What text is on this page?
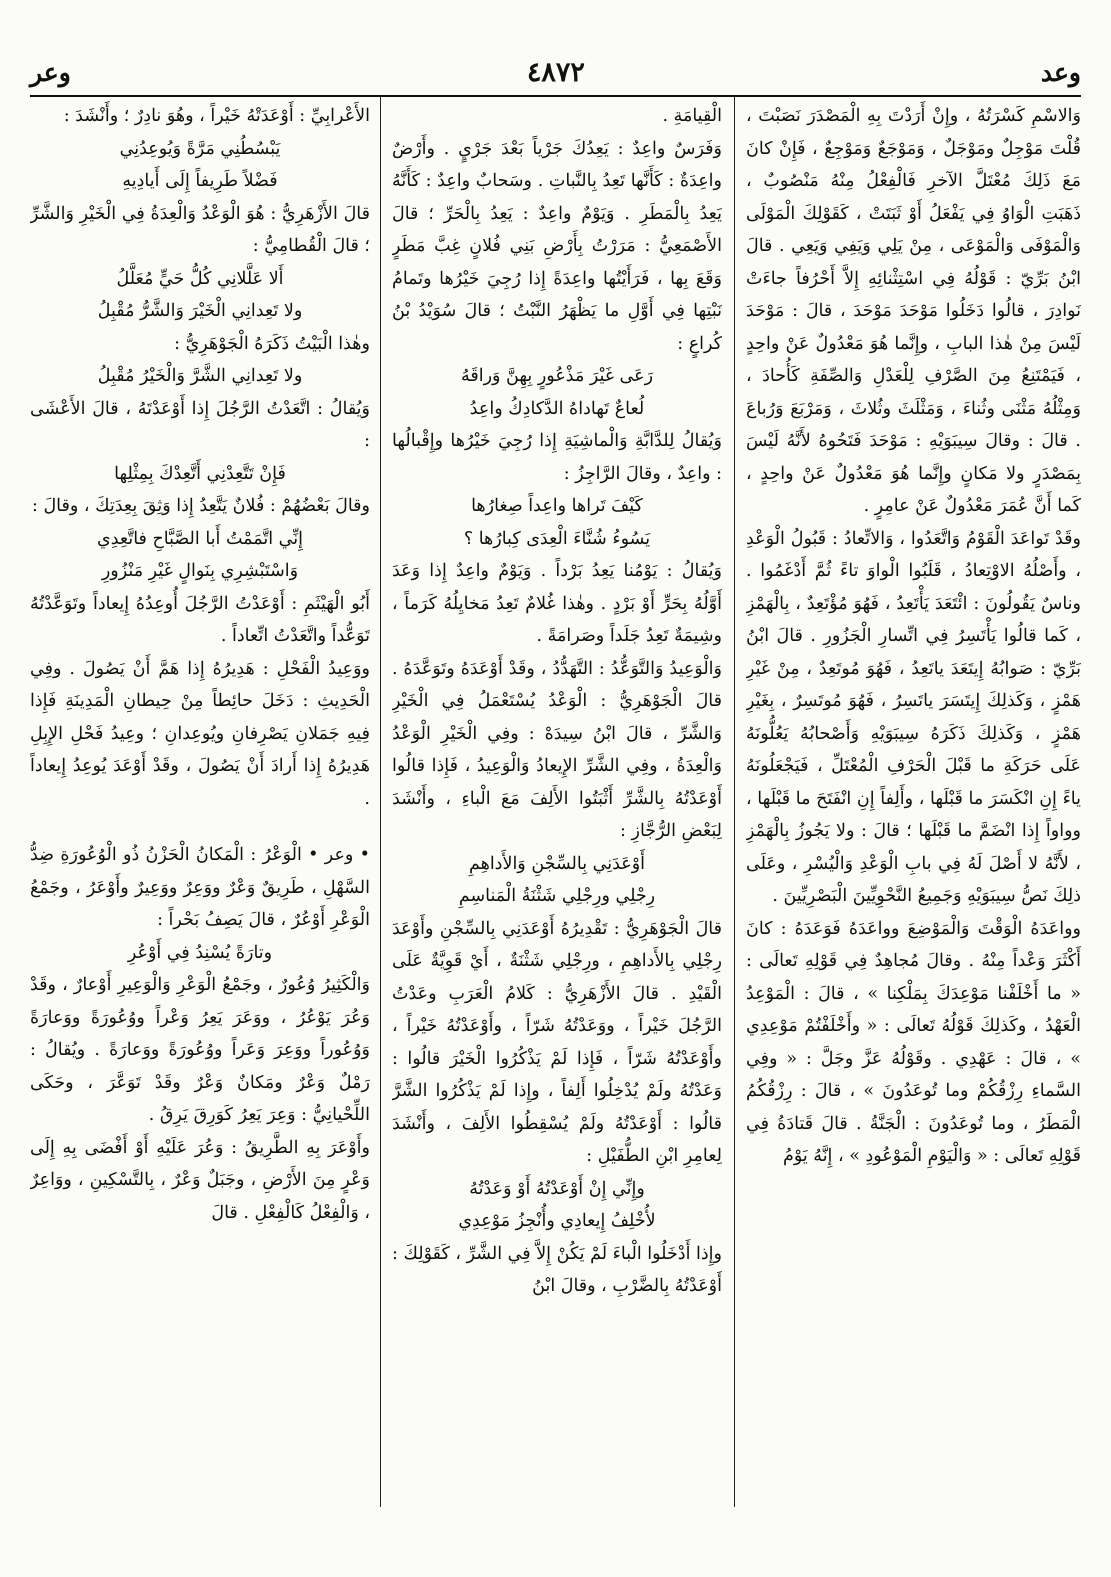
وعد
٤٨٧٢
وعر

وَالاسْمِ كَسْرَتُهُ ، وإِنْ أَرَدْتَ بِهِ الْمَصْدَرَ نَصَبْتَ ، قُلْتَ مَوْجِلٌ ومَوْجَلٌ ، وَمَوْجَعٌ وَمَوْجِعٌ ، فَإِنْ كانَ مَعَ ذَلِكَ مُعْتَلَّ الآخرِ فَالْفِعْلُ مِنْهُ مَنْصُوبٌ ، ذَهَبَتِ الْوَاوُ فِي يَفْعَلُ أَوْ ثَبَتَتْ ، كَقَوْلِكَ الْمَوْلَى وَالْمَوْفَى وَالْمَوْعَى ، مِنْ يَلِي وَيَفِي وَيَعِي . قالَ ابْنُ بَرِّيّ : قَوْلُهُ فِي اسْتِثْنائِهِ إِلاَّ أَحْرُفاً جاءَتْ نَوادِرَ ، قالُوا دَخَلُوا مَوْحَدَ مَوْحَدَ ، قالَ : مَوْحَدَ لَيْسَ مِنْ هٰذا البابِ ، وإِنَّما هُوَ مَعْدُولٌ عَنْ واحِدٍ ، فَيَمْتَنِعُ مِنَ الصَّرْفِ لِلْعَدْلِ وَالصِّفَةِ كَأُحادَ ، وَمِثْلُهُ مَثْنَى وثُناءَ ، وَمَثْلَثَ وثُلاثَ ، وَمَرْبَعَ وَرُباعَ . قالَ : وقالَ سِيبَوَيْهِ : مَوْحَدَ فَتَحُوهُ لأَنَّهُ لَيْسَ بِمَصْدَرٍ ولا مَكانٍ وإِنَّما هُوَ مَعْدُولٌ عَنْ واحِدٍ ، كَما أَنَّ عُمَرَ مَعْدُولٌ عَنْ عامِرٍ .

وقَدْ تَواعَدَ الْقَوْمُ وَاتَّعَدُوا ، وَالاتِّعادُ : قَبُولُ الْوَعْدِ ، وأَصْلُهُ الاوْتِعادُ ، قَلَبُوا الْواوَ تاءً ثُمَّ أَدْغَمُوا . وناسٌ يَقُولُونَ : ائْتَعَدَ يَأْتَعِدُ ، فَهُوَ مُؤْتَعِدٌ ، بِالْهَمْزِ ، كَما قالُوا يَأْتَسِرُ فِي اتِّسارِ الْجَزُورِ . قالَ ابْنُ بَرِّيّ : صَوابُهُ إِيتَعَدَ ياتَعِدُ ، فَهُوَ مُوتَعِدٌ ، مِنْ غَيْرِ هَمْزٍ ، وَكَذلِكَ إِيتَسَرَ ياتَسِرُ ، فَهُوَ مُوتَسِرٌ ، بِغَيْرِ هَمْزٍ ، وَكَذلِكَ ذَكَرَهُ سِيبَوَيْهِ وَأَصْحابُهُ يَعُلُّونَهُ عَلَى حَرَكَةِ ما قَبْلَ الْحَرْفِ الْمُعْتَلِّ ، فَيَجْعَلُونَهُ ياءً إِنِ انْكَسَرَ ما قَبْلَها ، وأَلِفاً إِنِ انْفَتَحَ ما قَبْلَها ، وواواً إِذا انْضَمَّ ما قَبْلَها ؛ قالَ : ولا يَجُوزُ بِالْهَمْزِ ، لأَنَّهُ لا أَصْلَ لَهُ فِي بابِ الْوَعْدِ وَالْيُسْرِ ، وعَلَى ذلِكَ نَصُّ سِيبَوَيْهِ وَجَمِيعُ النَّحْوِيِّينَ الْبَصْرِيِّينَ .

وواعَدَهُ الْوَقْتَ وَالْمَوْضِعَ وواعَدَهُ فَوَعَدَهُ : كانَ أَكْثَرَ وَعْداً مِنْهُ . وقالَ مُجاهِدٌ فِي قَوْلِهِ تَعالَى : « ما أَخْلَفْنا مَوْعِدَكَ بِمَلْكِنا » ، قالَ : الْمَوْعِدُ الْعَهْدُ ، وكَذلِكَ قَوْلُهُ تَعالَى : « وأَخْلَفْتُمْ مَوْعِدِي » ، قالَ : عَهْدِي . وقَوْلُهُ عَزَّ وجَلَّ : « وفِي السَّماءِ رِزْقُكُمْ وما تُوعَدُونَ » ، قالَ : رِزْقُكُمُ الْمَطَرُ ، وما تُوعَدُونَ : الْجَنَّةُ . قالَ قَتادَةُ فِي قَوْلِهِ تَعالَى : « وَالْيَوْمِ الْمَوْعُودِ » ، إِنَّهُ يَوْمُ

الْقِيامَةِ .

وَفَرَسٌ واعِدٌ : يَعِدُكَ جَرْياً بَعْدَ جَرْيٍ . وأَرْضٌ واعِدَةٌ : كَأَنَّها تَعِدُ بِالنَّباتِ . وسَحابٌ واعِدٌ : كَأَنَّهُ يَعِدُ بِالْمَطَرِ . وَيَوْمٌ واعِدٌ : يَعِدُ بِالْحَرِّ ؛ قالَ الأَصْمَعِيُّ : مَرَرْتُ بِأَرْضِ بَنِي فُلانٍ غِبَّ مَطَرٍ وَقَعَ بِها ، فَرَأَيْتُها واعِدَةً إِذا رُجِيَ خَيْرُها وتَمامُ نَبْتِها فِي أَوَّلِ ما يَظْهَرُ النَّبْتُ ؛ قالَ سُوَيْدُ بْنُ كُراعٍ :

رَعَى غَيْرَ مَذْعُورٍ بِهِنَّ وَراقَهُ

لُعاعٌ تَهاداهُ الدَّكادِكُ واعِدُ

وَيُقالُ لِلدَّابَّةِ وَالْماشِيَةِ إِذا رُجِيَ خَيْرُها وإِقْبالُها : واعِدٌ ، وقالَ الرَّاجِزُ :

كَيْفَ تَراها واعِداً صِغارُها

يَسُوءُ شُنَّاءَ الْعِدَى كِبارُها ؟

وَيُقالُ : يَوْمُنا يَعِدُ بَرْداً . وَيَوْمٌ واعِدٌ إِذا وَعَدَ أَوَّلُهُ بِحَرٍّ أَوْ بَرْدٍ . وهٰذا غُلامٌ تَعِدُ مَخايِلُهُ كَرَماً ، وشِيمَةٌ تَعِدُ جَلَداً وصَرامَةً .

وَالْوَعِيدُ وَالتَّوَعُّدُ : التَّهَدُّدُ ، وقَدْ أَوْعَدَهُ وتَوَعَّدَهُ . قالَ الْجَوْهَرِيُّ : الْوَعْدُ يُسْتَعْمَلُ فِي الْخَيْرِ وَالشَّرِّ ، قالَ ابْنُ سِيدَهْ : وفِي الْخَيْرِ الْوَعْدُ وَالْعِدَةُ ، وفِي الشَّرِّ الإِيعادُ وَالْوَعِيدُ ، فَإِذا قالُوا أَوْعَدْتُهُ بِالشَّرِّ أَثْبَتُوا الأَلِفَ مَعَ الْباءِ ، وأَنْشَدَ لِبَعْضِ الرُّجَّازِ :

أَوْعَدَنِي بِالسِّجْنِ وَالأَداهِمِ

رِجْلِي ورِجْلِي شَثْنَةُ الْمَناسِمِ

قالَ الْجَوْهَرِيُّ : تَقْدِيرُهُ أَوْعَدَنِي بِالسِّجْنِ وأَوْعَدَ رِجْلِي بِالأَداهِمِ ، ورِجْلِي شَثْنَةٌ ، أَيْ قَوِيَّةٌ عَلَى الْقَيْدِ . قالَ الأَزْهَرِيُّ : كَلامُ الْعَرَبِ وعَدْتُ الرَّجُلَ خَيْراً ، ووَعَدْتُهُ شَرّاً ، وأَوْعَدْتُهُ خَيْراً ، وأَوْعَدْتُهُ شَرّاً ، فَإِذا لَمْ يَذْكُرُوا الْخَيْرَ قالُوا : وَعَدْتُهُ ولَمْ يُدْخِلُوا أَلِفاً ، وإِذا لَمْ يَذْكُرُوا الشَّرَّ قالُوا : أَوْعَدْتُهُ ولَمْ يُسْقِطُوا الأَلِفَ ، وأَنْشَدَ لِعامِرِ ابْنِ الطُّفَيْلِ :

وإِنِّي إِنْ أَوْعَدْتُهُ أَوْ وَعَدْتُهُ

لأُخْلِفُ إِيعادِي وأُنْجِزُ مَوْعِدِي

وإِذا أَدْخَلُوا الْباءَ لَمْ يَكُنْ إِلاَّ فِي الشَّرِّ ، كَقَوْلِكَ : أَوْعَدْتُهُ بِالضَّرْبِ ، وقالَ ابْنُ

الأَعْرابِيِّ : أَوْعَدَتْهُ خَيْراً ، وهُوَ نادِرٌ ؛ وأَنْشَدَ :

يَبْسُطُنِي مَرَّةً وَيُوعِدُنِي

فَضْلاً طَرِيفاً إِلَى أَيادِيهِ

قالَ الأَزْهَرِيُّ : هُوَ الْوَعْدُ وَالْعِدَةُ فِي الْخَيْرِ وَالشَّرِّ ؛ قالَ الْقُطامِيُّ :

أَلا عَلَّلانِي كُلُّ حَيٍّ مُعَلَّلُ

ولا تَعِدانِي الْخَيْرَ وَالشَّرُّ مُقْبِلُ

وهٰذا الْبَيْتُ ذَكَرَهُ الْجَوْهَرِيُّ :

ولا تَعِدانِي الشَّرَّ وَالْخَيْرُ مُقْبِلُ

وَيُقالُ : اتَّعَدْتُ الرَّجُلَ إِذا أَوْعَدْتَهُ ، قالَ الأَعْشَى :

فَإِنْ تَتَّعِدْنِي أَتَّعِدْكَ بِمِثْلِها

وقالَ بَعْضُهُمْ : فُلانٌ يَتَّعِدُ إِذا وَثِقَ بِعِدَتِكَ ، وقالَ :

إِنِّي اتَّمَمْتُ أَبا الصَّبَّاحِ فاتَّعِدِي

وَاسْتَبْشِرِي بِنَوالٍ غَيْرِ مَنْزُورِ

أَبُو الْهَيْثَمِ : أَوْعَدْتُ الرَّجُلَ أُوعِدُهُ إِيعاداً وتَوَعَّدْتُهُ تَوَعُّداً واتَّعَدْتُ اتِّعاداً .

ووَعِيدُ الْفَحْلِ : هَدِيرُهُ إِذا هَمَّ أَنْ يَصُولَ . وفِي الْحَدِيثِ : دَخَلَ حائِطاً مِنْ حِيطانِ الْمَدِينَةِ فَإِذا فِيهِ جَمَلانِ يَصْرِفانِ ويُوعِدانِ ؛ وعِيدُ فَحْلِ الإِبِلِ هَدِيرُهُ إِذا أَرادَ أَنْ يَصُولَ ، وقَدْ أَوْعَدَ يُوعِدُ إِيعاداً .

• وعر • الْوَعْرُ : الْمَكانُ الْحَزْنُ ذُو الْوُعُورَةِ ضِدُّ السَّهْلِ ، طَرِيقٌ وَعْرٌ ووَعِرٌ ووَعِيرٌ وأَوْعَرُ ، وجَمْعُ الْوَعْرِ أَوْعُرٌ ، قالَ يَصِفُ بَحْراً :

وتارَةً يُسْنِدُ فِي أَوْعُرِ

وَالْكَثِيرُ وُعُورٌ ، وجَمْعُ الْوَعْرِ وَالْوَعِيرِ أَوْعارٌ ، وقَدْ وَعُرَ يَوْعُرُ ، ووَعَرَ يَعِرُ وَعْراً ووُعُورَةً ووَعارَةً وَوُعُوراً ووَعِرَ وَعَراً ووُعُورَةً ووَعارَةً . ويُقالُ : رَمْلٌ وَعْرٌ ومَكانٌ وَعْرٌ وقَدْ تَوَعَّرَ ، وحَكَى اللِّحْيانِيُّ : وَعِرَ يَعِرُ كَوَرِقَ يَرِقُ .

وأَوْعَرَ بِهِ الطَّرِيقُ : وَعُرَ عَلَيْهِ أَوْ أَفْضَى بِهِ إِلَى وَعْرٍ مِنَ الأَرْضِ ، وجَبَلٌ وَعْرٌ ، بِالتَّسْكِينِ ، ووَاعِرٌ ، وَالْفِعْلُ كَالْفِعْلِ . قالَ
